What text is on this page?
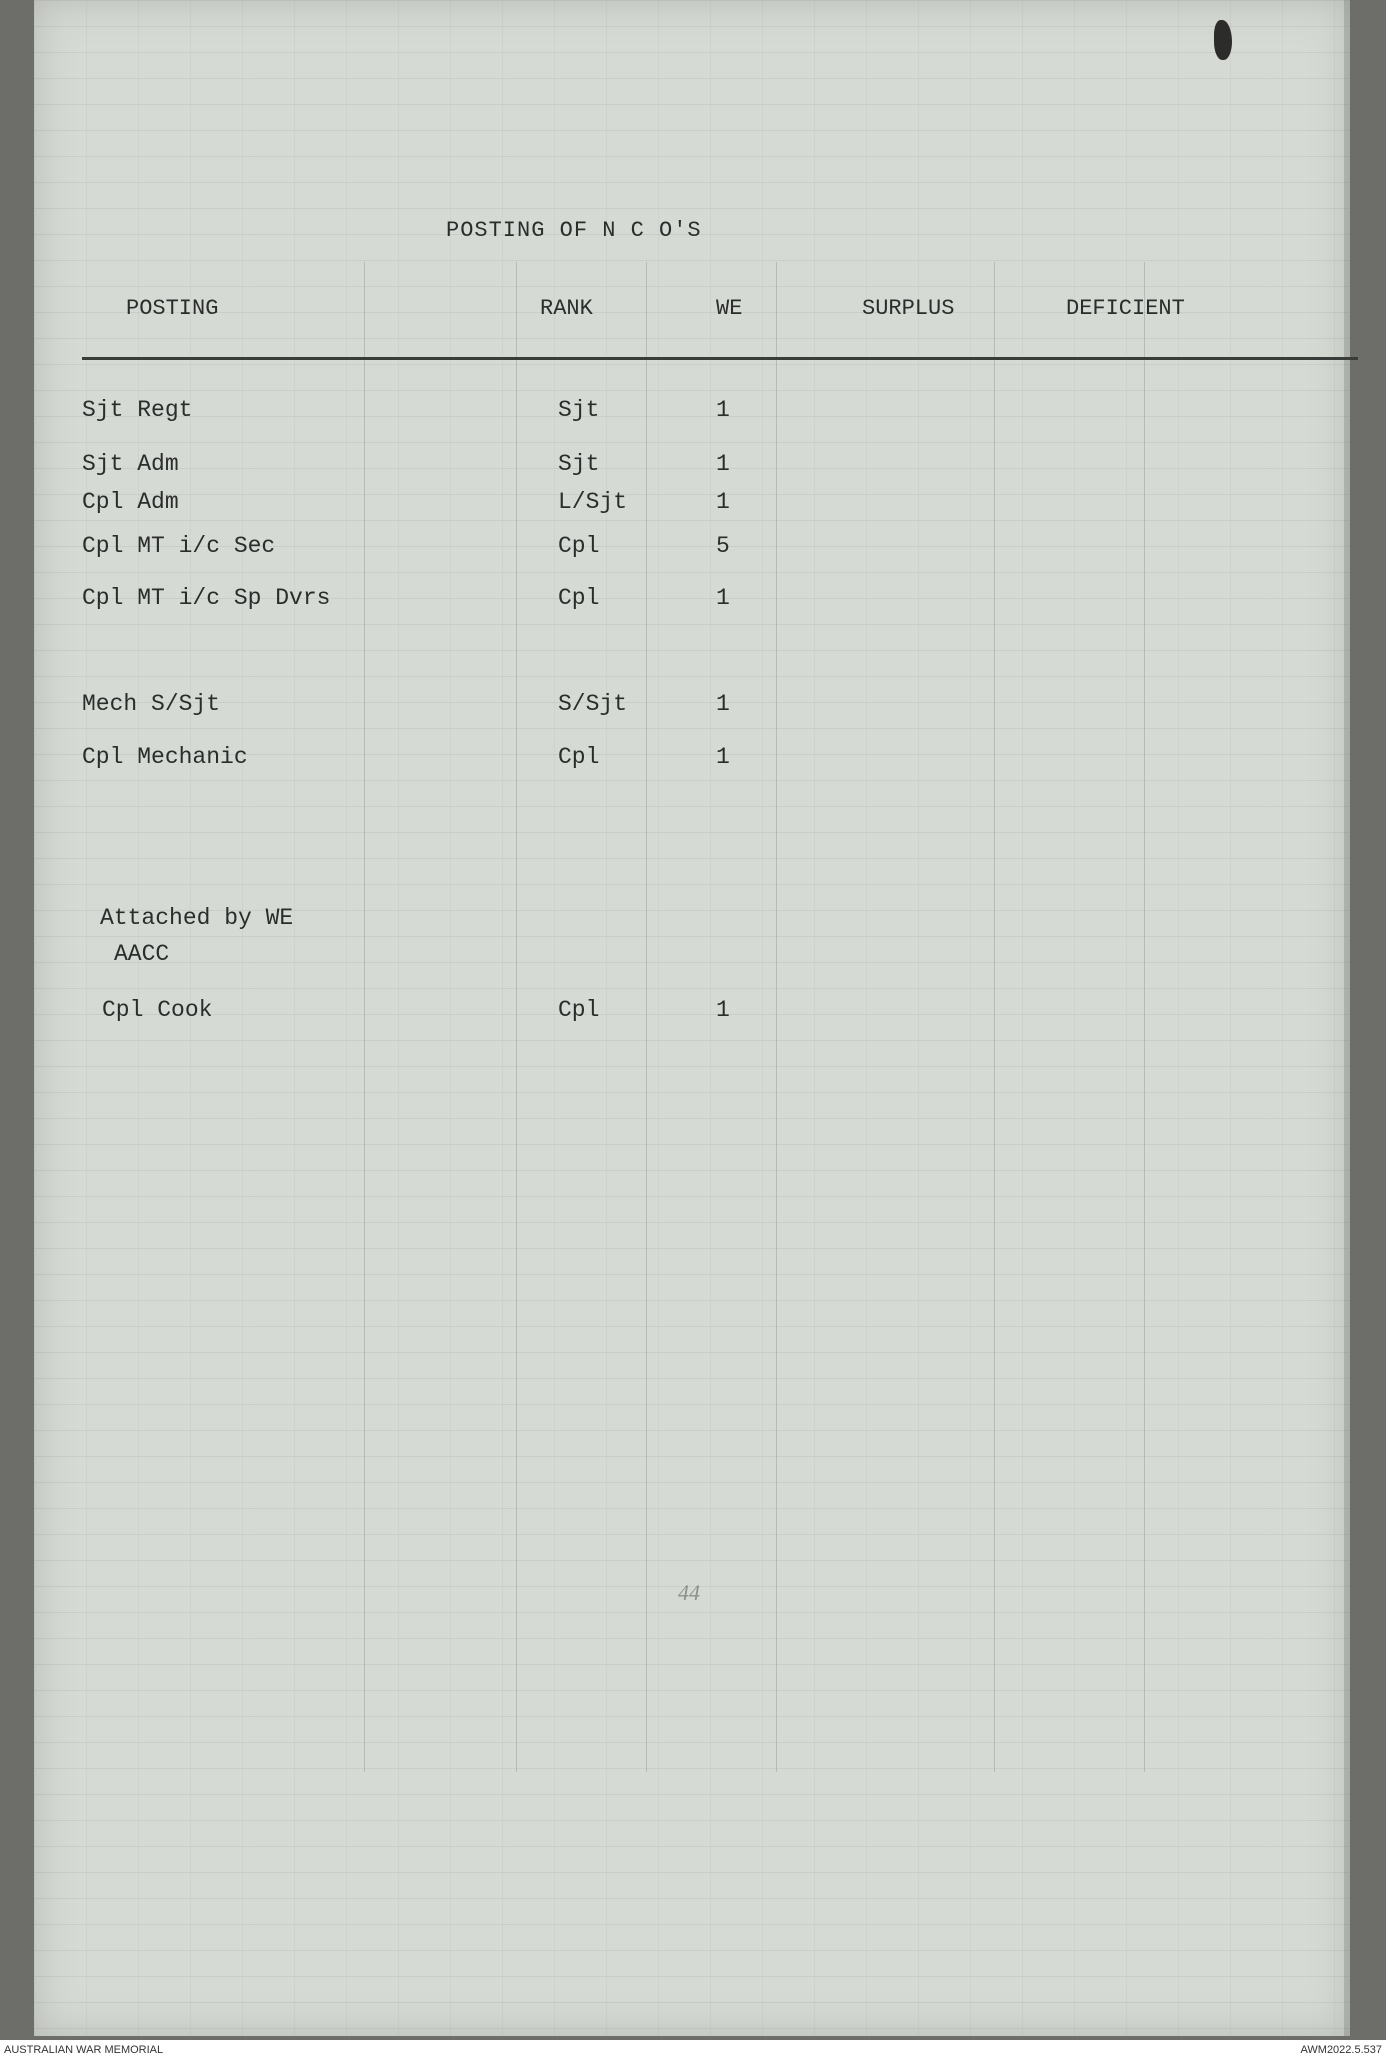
POSTING OF N C O'S
POSTING	RANK	WE	SURPLUS	DEFICIENT
Sjt Regt	Sjt	1
Sjt Adm	Sjt	1
Cpl Adm	L/Sjt	1
Cpl MT i/c Sec	Cpl	5
Cpl MT i/c Sp Dvrs	Cpl	1
Mech S/Sjt	S/Sjt	1
Cpl Mechanic	Cpl	1
Attached by WE
AACC
Cpl Cook	Cpl	1
44
AUSTRALIAN WAR MEMORIAL	AWM2022.5.537
